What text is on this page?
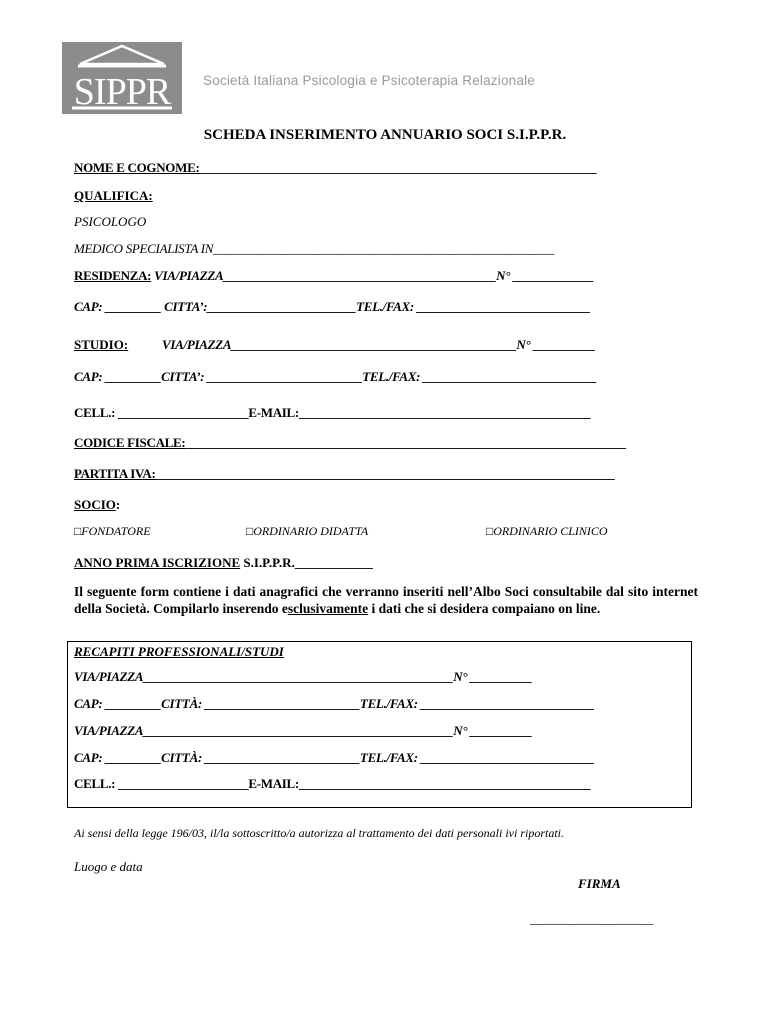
SIPPR Società Italiana Psicologia e Psicoterapia Relazionale
SCHEDA INSERIMENTO ANNUARIO SOCI S.I.P.P.R.
NOME E COGNOME:________________________________________________________________
QUALIFICA:
PSICOLOGO
MEDICO SPECIALISTA IN_______________________________________________________
RESIDENZA: VIA/PIAZZA____________________________________________N° _____________
CAP: _________ CITTA’:________________________TEL./FAX: ____________________________
STUDIO:	VIA/PIAZZA______________________________________________N° __________
CAP: _________CITTA’: _________________________TEL./FAX: ____________________________
CELL.: _____________________E-MAIL:_______________________________________________
CODICE FISCALE:_______________________________________________________________________
PARTITA IVA:__________________________________________________________________________
SOCIO:
□FONDATORE	□ORDINARIO DIDATTA	□ORDINARIO CLINICO
ANNO PRIMA ISCRIZIONE S.I.P.P.R.____________
Il seguente form contiene i dati anagrafici che verranno inseriti nell’Albo Soci consultabile dal sito internet della Società. Compilarlo inserendo esclusivamente i dati che si desidera compaiano on line.
RECAPITI PROFESSIONALI/STUDI
VIA/PIAZZA__________________________________________________N° __________
CAP: _________CITTÀ: _________________________TEL./FAX: ____________________________
VIA/PIAZZA__________________________________________________N° __________
CAP: _________CITTÀ: _________________________TEL./FAX: ____________________________
CELL.: _____________________E-MAIL:_______________________________________________
Ai sensi della legge 196/03, il/la sottoscritto/a autorizza al trattamento dei dati personali ivi riportati.
Luogo e data
FIRMA
___________________
